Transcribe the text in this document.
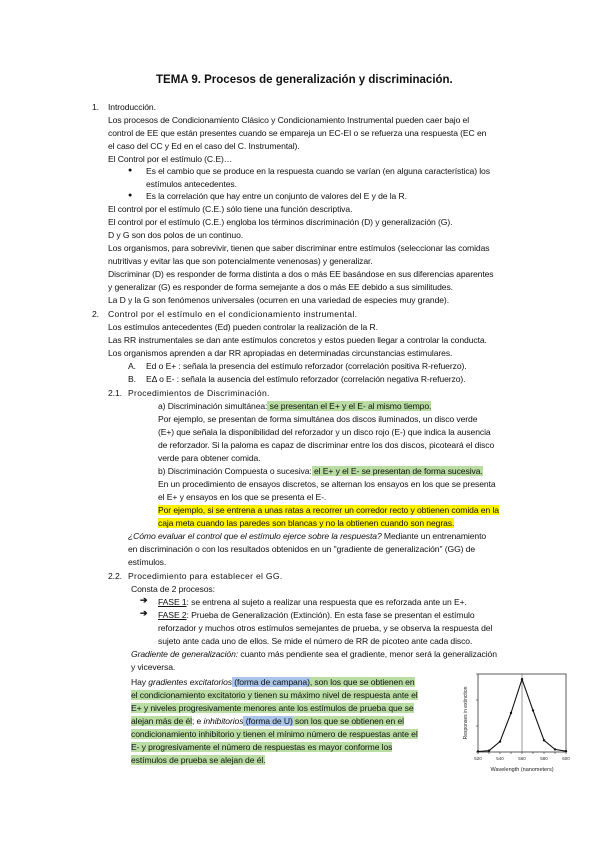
TEMA 9. Procesos de generalización y discriminación.
1. Introducción.
Los procesos de Condicionamiento Clásico y Condicionamiento Instrumental pueden caer bajo el
control de EE que están presentes cuando se empareja un EC-EI o se refuerza una respuesta (EC en
el caso del CC y Ed en el caso del C. Instrumental).
El Control por el estímulo (C.E)…
● Es el cambio que se produce en la respuesta cuando se varían (en alguna característica) los
estímulos antecedentes.
● Es la correlación que hay entre un conjunto de valores del E y de la R.
El control por el estímulo (C.E.) sólo tiene una función descriptiva.
El control por el estímulo (C.E.) engloba los términos discriminación (D) y generalización (G).
D y G son dos polos de un continuo.
Los organismos, para sobrevivir, tienen que saber discriminar entre estímulos (seleccionar las comidas
nutritivas y evitar las que son potencialmente venenosas) y generalizar.
Discriminar (D) es responder de forma distinta a dos o más EE basándose en sus diferencias aparentes
y generalizar (G) es responder de forma semejante a dos o más EE debido a sus similitudes.
La D y la G son fenómenos universales (ocurren en una variedad de especies muy grande).
2. Control por el estímulo en el condicionamiento instrumental.
Los estímulos antecedentes (Ed) pueden controlar la realización de la R.
Las RR instrumentales se dan ante estímulos concretos y estos pueden llegar a controlar la conducta.
Los organismos aprenden a dar RR apropiadas en determinadas circunstancias estimulares.
A. Ed o E+ : señala la presencia del estímulo reforzador (correlación positiva R-refuerzo).
B. EΔ o E- : señala la ausencia del estímulo reforzador (correlación negativa R-refuerzo).
2.1. Procedimientos de Discriminación.
a) Discriminación simultánea: se presentan el E+ y el E- al mismo tiempo.
Por ejemplo, se presentan de forma simultánea dos discos iluminados, un disco verde
(E+) que señala la disponibilidad del reforzador y un disco rojo (E-) que indica la ausencia
de reforzador. Si la paloma es capaz de discriminar entre los dos discos, picoteará el disco
verde para obtener comida.
b) Discriminación Compuesta o sucesiva: el E+ y el E- se presentan de forma sucesiva.
En un procedimiento de ensayos discretos, se alternan los ensayos en los que se presenta
el E+ y ensayos en los que se presenta el E-.
Por ejemplo, si se entrena a unas ratas a recorrer un corredor recto y obtienen comida en la
caja meta cuando las paredes son blancas y no la obtienen cuando son negras.
¿Cómo evaluar el control que el estímulo ejerce sobre la respuesta? Mediante un entrenamiento
en discriminación o con los resultados obtenidos en un "gradiente de generalización" (GG) de
estímulos.
2.2. Procedimiento para establecer el GG.
Consta de 2 procesos:
➔ FASE 1: se entrena al sujeto a realizar una respuesta que es reforzada ante un E+.
➔ FASE 2: Prueba de Generalización (Extinción). En esta fase se presentan el estímulo
reforzador y muchos otros estímulos semejantes de prueba, y se observa la respuesta del
sujeto ante cada uno de ellos. Se mide el número de RR de picoteo ante cada disco.
Gradiente de generalización: cuanto más pendiente sea el gradiente, menor será la generalización
y viceversa.
Hay gradientes excitatorios (forma de campana), son los que se obtienen en
el condicionamiento excitatorio y tienen su máximo nivel de respuesta ante el
E+ y niveles progresivamente menores ante los estímulos de prueba que se
alejan más de él; e inhibitorios (forma de U) son los que se obtienen en el
condicionamiento inhibitorio y tienen el mínimo número de respuestas ante el
E- y progresivamente el número de respuestas es mayor conforme los
estímulos de prueba se alejan de él.	520	540	560	580	600
Wavelength (nanometers)
Responses in extinction
